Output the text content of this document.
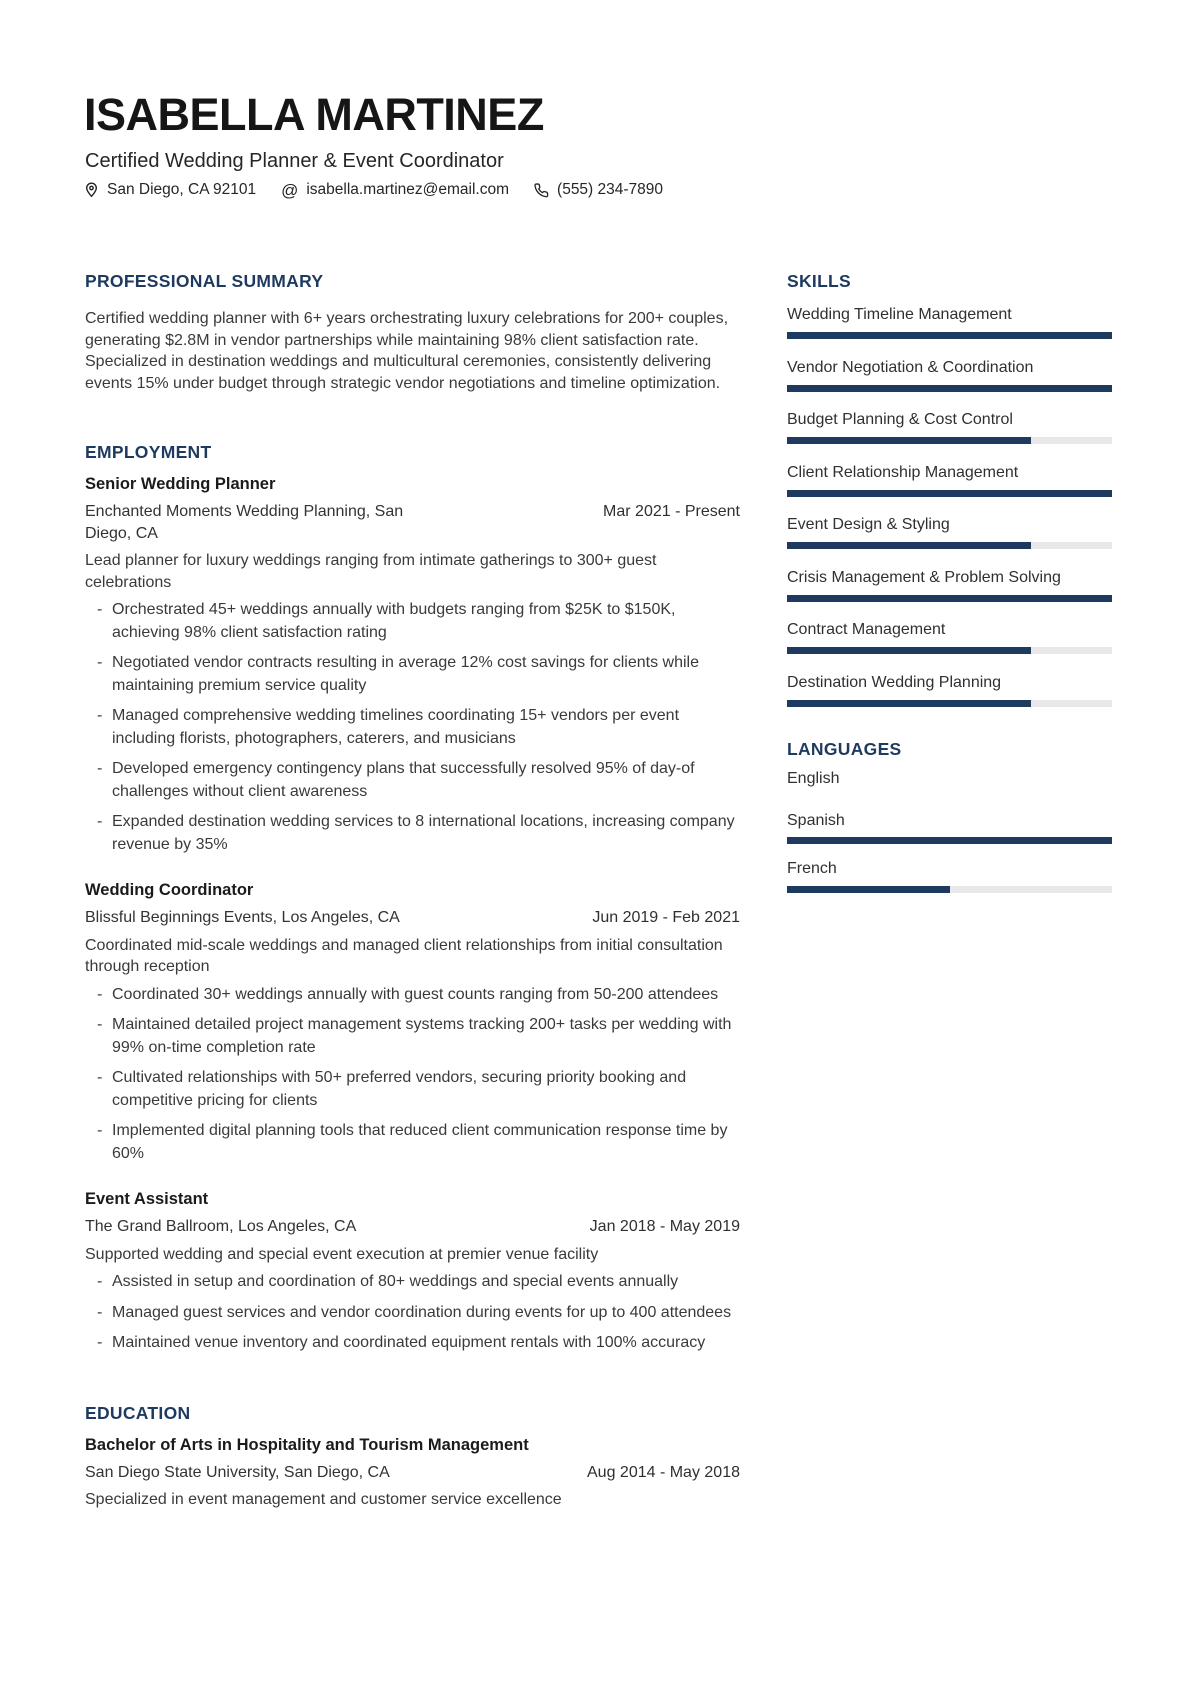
ISABELLA MARTINEZ
Certified Wedding Planner & Event Coordinator
San Diego, CA 92101 @ isabella.martinez@email.com	(555) 234-7890
PROFESSIONAL SUMMARY
Certified wedding planner with 6+ years orchestrating luxury celebrations for 200+ couples, generating $2.8M in vendor partnerships while maintaining 98% client satisfaction rate. Specialized in destination weddings and multicultural ceremonies, consistently delivering events 15% under budget through strategic vendor negotiations and timeline optimization.
EMPLOYMENT
Senior Wedding Planner
Enchanted Moments Wedding Planning, San Diego, CA
Mar 2021 - Present
Lead planner for luxury weddings ranging from intimate gatherings to 300+ guest celebrations
- Orchestrated 45+ weddings annually with budgets ranging from $25K to $150K, achieving 98% client satisfaction rating
- Negotiated vendor contracts resulting in average 12% cost savings for clients while maintaining premium service quality
- Managed comprehensive wedding timelines coordinating 15+ vendors per event including florists, photographers, caterers, and musicians
- Developed emergency contingency plans that successfully resolved 95% of day-of challenges without client awareness
- Expanded destination wedding services to 8 international locations, increasing company revenue by 35%
Wedding Coordinator
Blissful Beginnings Events, Los Angeles, CA	Jun 2019 - Feb 2021
Coordinated mid-scale weddings and managed client relationships from initial consultation through reception
- Coordinated 30+ weddings annually with guest counts ranging from 50-200 attendees
- Maintained detailed project management systems tracking 200+ tasks per wedding with 99% on-time completion rate
- Cultivated relationships with 50+ preferred vendors, securing priority booking and competitive pricing for clients
- Implemented digital planning tools that reduced client communication response time by 60%
Event Assistant
The Grand Ballroom, Los Angeles, CA	Jan 2018 - May 2019
Supported wedding and special event execution at premier venue facility
- Assisted in setup and coordination of 80+ weddings and special events annually
- Managed guest services and vendor coordination during events for up to 400 attendees
- Maintained venue inventory and coordinated equipment rentals with 100% accuracy
EDUCATION
Bachelor of Arts in Hospitality and Tourism Management
San Diego State University, San Diego, CA	Aug 2014 - May 2018
Specialized in event management and customer service excellence
SKILLS
Wedding Timeline Management
Vendor Negotiation & Coordination
Budget Planning & Cost Control
Client Relationship Management
Event Design & Styling
Crisis Management & Problem Solving
Contract Management
Destination Wedding Planning
LANGUAGES
English
Spanish
French
